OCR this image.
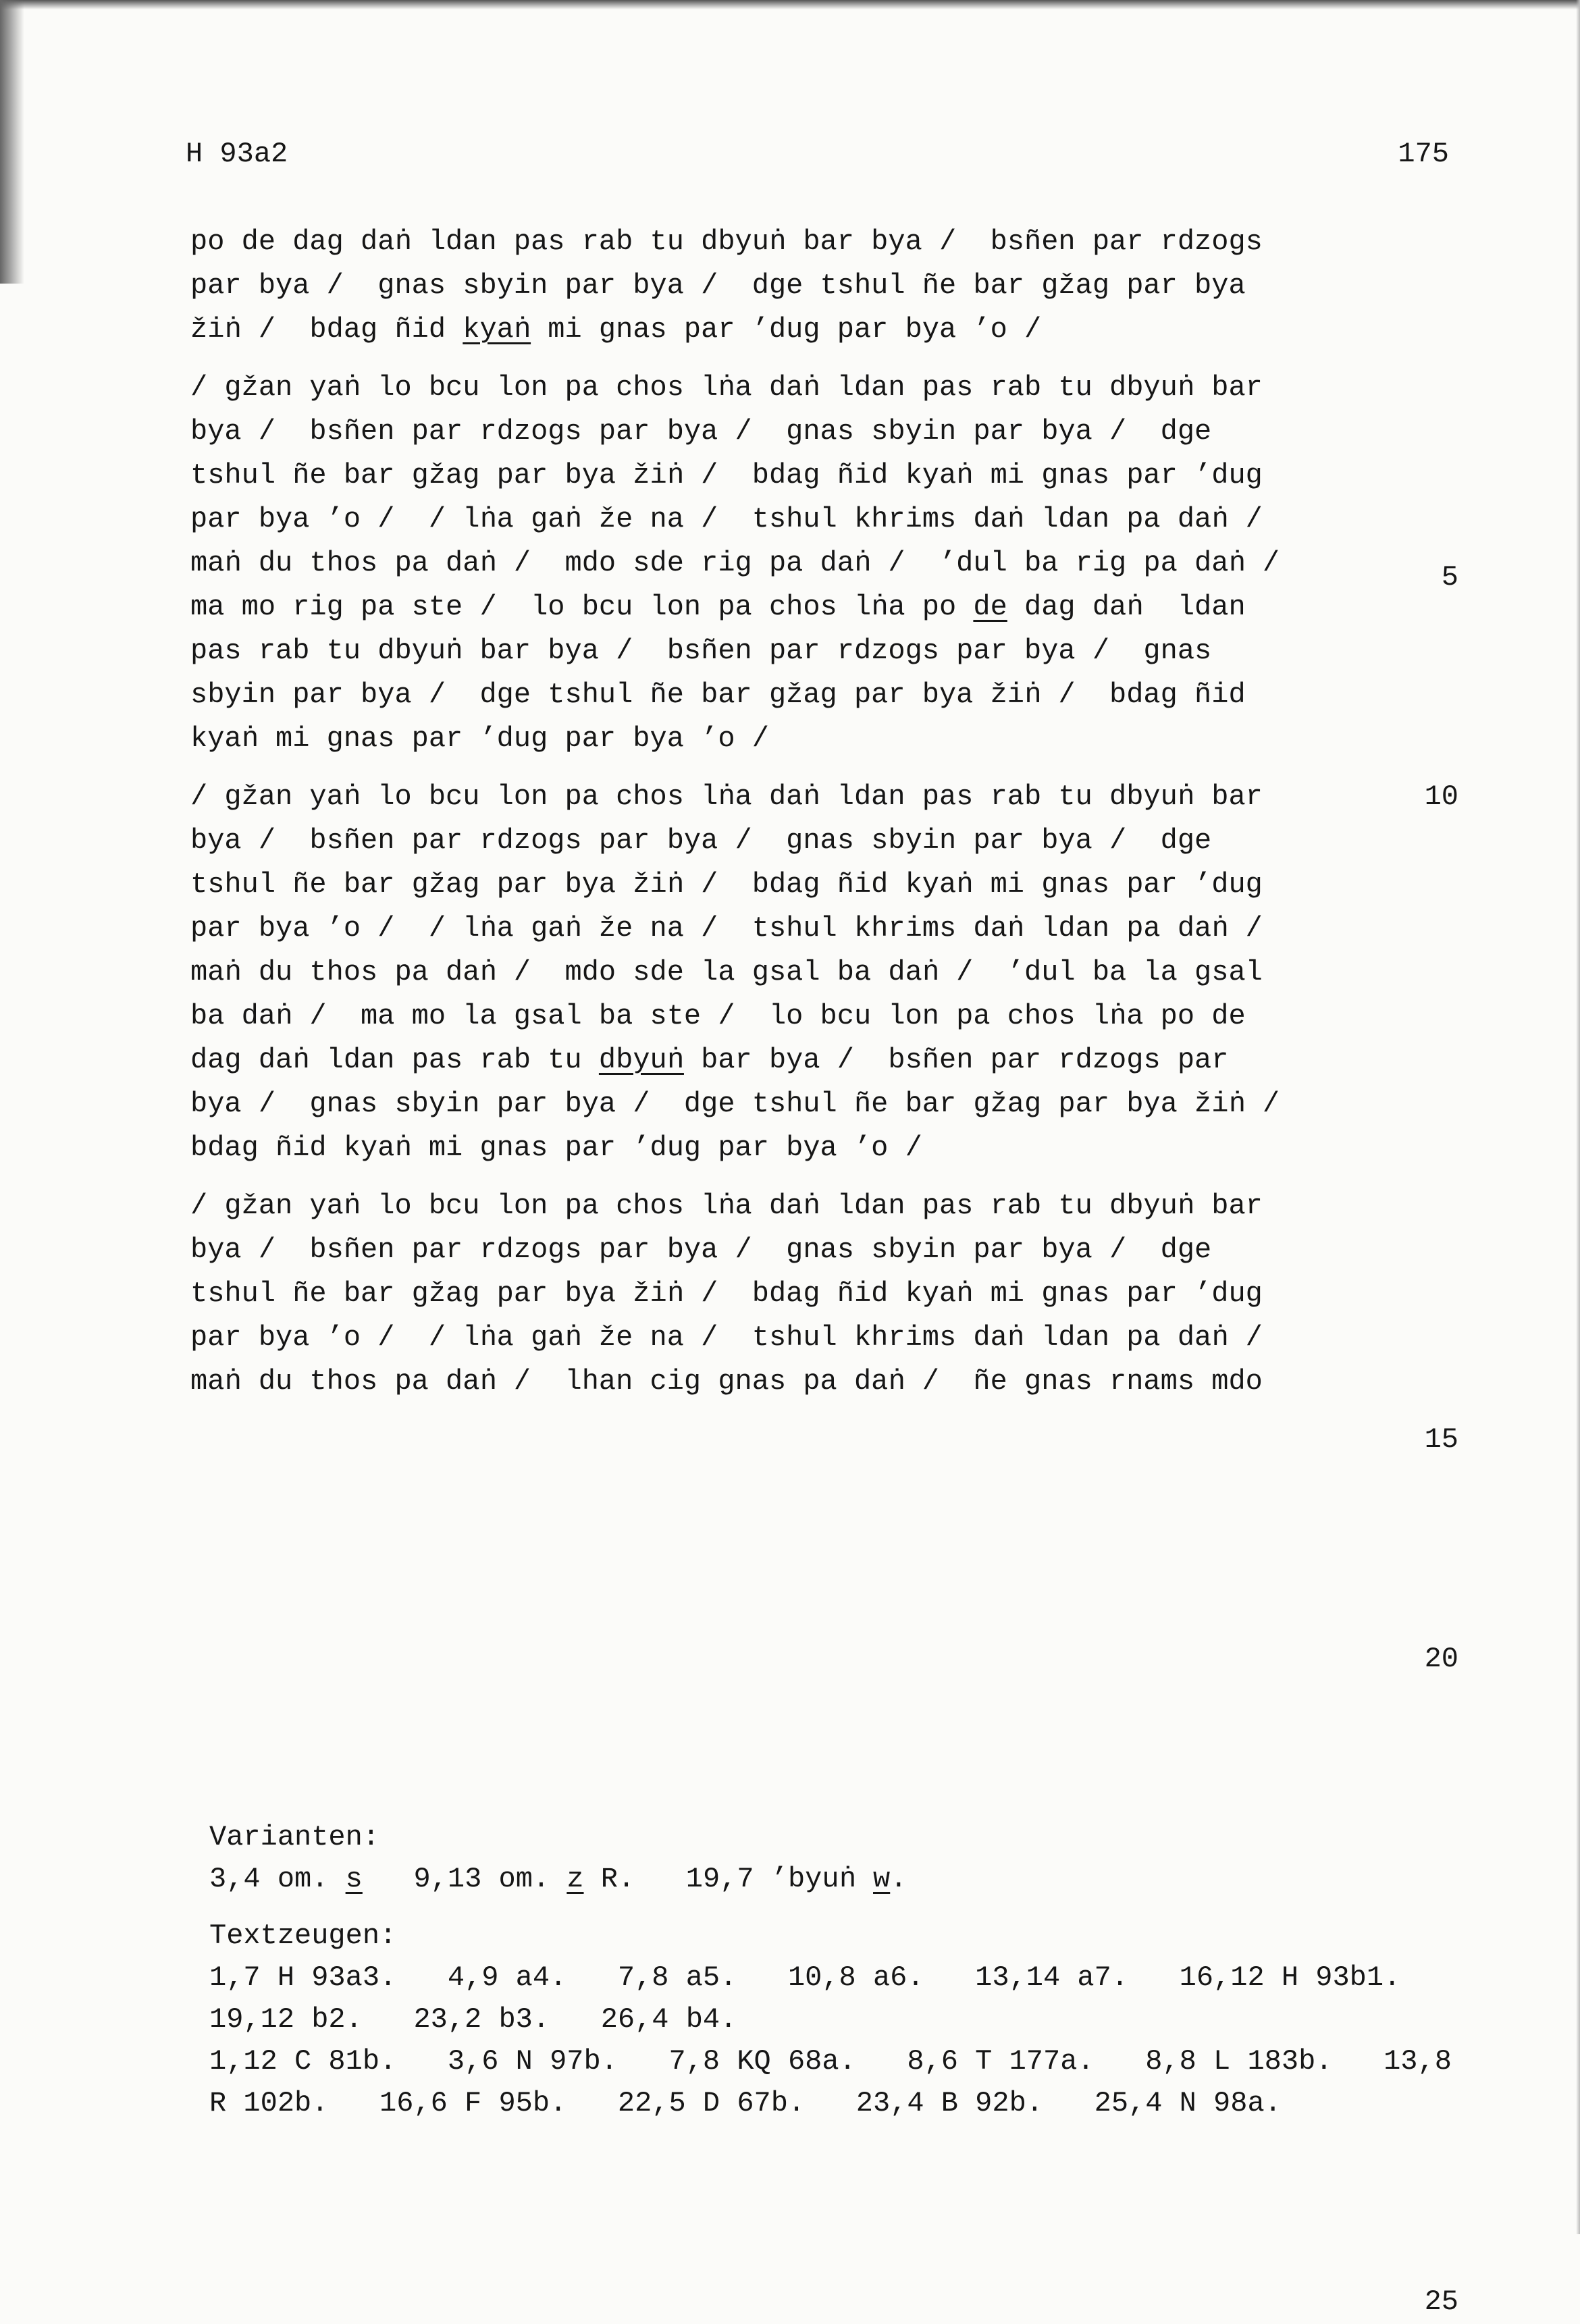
H 93a2	175
po de dag daṅ ldan pas rab tu dbyuṅ bar bya /  bsñen par rdzogs
par bya /  gnas sbyin par bya /  dge tshul ñe bar gžag par bya
žiṅ /  bdag ñid kyaṅ mi gnas par ’dug par bya ’o /
/ gžan yaṅ lo bcu lon pa chos lṅa daṅ ldan pas rab tu dbyuṅ bar
bya /  bsñen par rdzogs par bya /  gnas sbyin par bya /  dge
tshul ñe bar gžag par bya žiṅ /  bdag ñid kyaṅ mi gnas par ’dug
par bya ’o /  / lṅa gaṅ že na /  tshul khrims daṅ ldan pa daṅ /
maṅ du thos pa daṅ /  mdo sde rig pa daṅ /  ’dul ba rig pa daṅ /
ma mo rig pa ste /  lo bcu lon pa chos lṅa po de dag daṅ  ldan
pas rab tu dbyuṅ bar bya /  bsñen par rdzogs par bya /  gnas
sbyin par bya /  dge tshul ñe bar gžag par bya žiṅ /  bdag ñid
kyaṅ mi gnas par ’dug par bya ’o /
/ gžan yaṅ lo bcu lon pa chos lṅa daṅ ldan pas rab tu dbyuṅ bar
bya /  bsñen par rdzogs par bya /  gnas sbyin par bya /  dge
tshul ñe bar gžag par bya žiṅ /  bdag ñid kyaṅ mi gnas par ’dug
par bya ’o /  / lṅa gaṅ že na /  tshul khrims daṅ ldan pa daṅ /
maṅ du thos pa daṅ /  mdo sde la gsal ba daṅ /  ’dul ba la gsal
ba daṅ /  ma mo la gsal ba ste /  lo bcu lon pa chos lṅa po de
dag daṅ ldan pas rab tu dbyuṅ bar bya /  bsñen par rdzogs par
bya /  gnas sbyin par bya /  dge tshul ñe bar gžag par bya žiṅ /
bdag ñid kyaṅ mi gnas par ’dug par bya ’o /
/ gžan yaṅ lo bcu lon pa chos lṅa daṅ ldan pas rab tu dbyuṅ bar
bya /  bsñen par rdzogs par bya /  gnas sbyin par bya /  dge
tshul ñe bar gžag par bya žiṅ /  bdag ñid kyaṅ mi gnas par ’dug
par bya ’o /  / lṅa gaṅ že na /  tshul khrims daṅ ldan pa daṅ /
maṅ du thos pa daṅ /  lhan cig gnas pa daṅ /  ñe gnas rnams mdo
5
10
15
20
25
Varianten:
3,4 om. s   9,13 om. z R.   19,7 ’byuṅ w.
Textzeugen:
1,7 H 93a3.   4,9 a4.   7,8 a5.   10,8 a6.   13,14 a7.   16,12 H 93b1.
19,12 b2.   23,2 b3.   26,4 b4.
1,12 C 81b.   3,6 N 97b.   7,8 KQ 68a.   8,6 T 177a.   8,8 L 183b.   13,8
R 102b.   16,6 F 95b.   22,5 D 67b.   23,4 B 92b.   25,4 N 98a.
